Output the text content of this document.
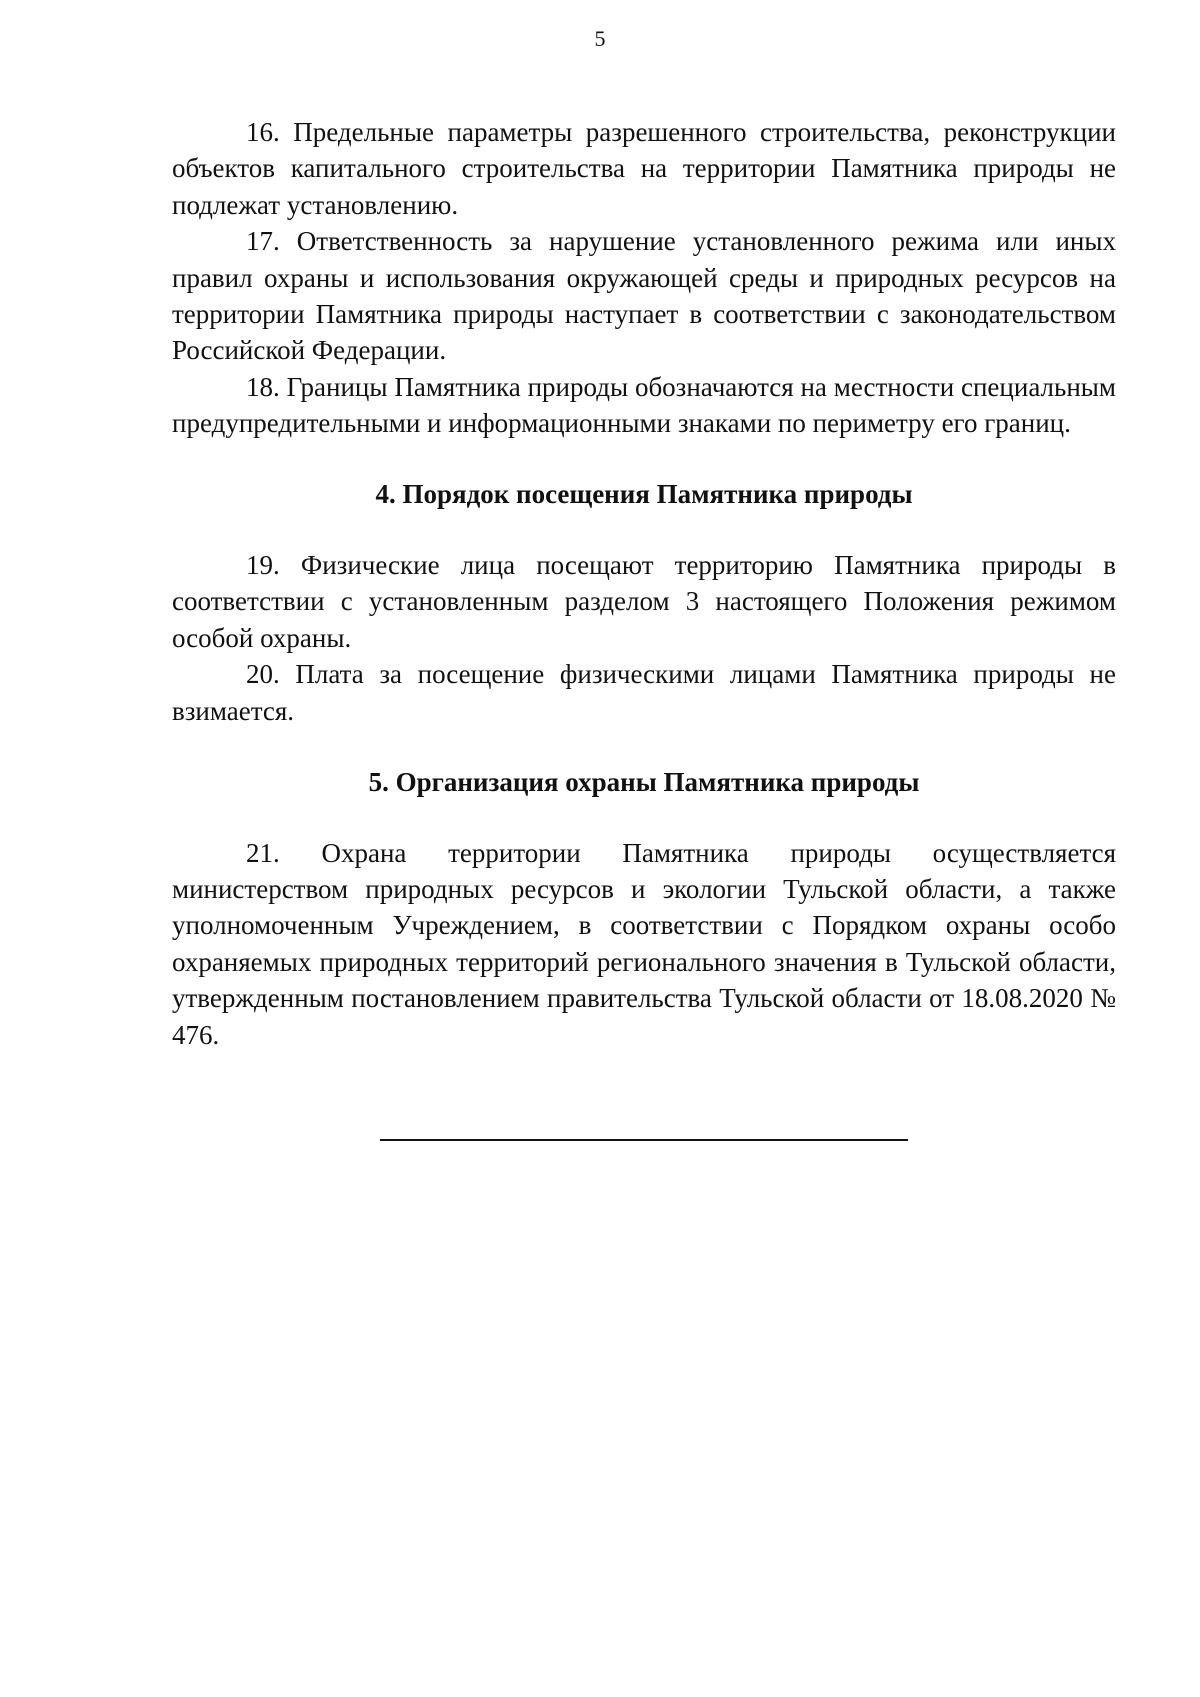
5

16. Предельные параметры разрешенного строительства, реконструкции объектов капитального строительства на территории Памятника природы не подлежат установлению.

17. Ответственность за нарушение установленного режима или иных правил охраны и использования окружающей среды и природных ресурсов на территории Памятника природы наступает в соответствии с законодательством Российской Федерации.

18. Границы Памятника природы обозначаются на местности специальным предупредительными и информационными знаками по периметру его границ.

4. Порядок посещения Памятника природы

19. Физические лица посещают территорию Памятника природы в соответствии с установленным разделом 3 настоящего Положения режимом особой охраны.

20. Плата за посещение физическими лицами Памятника природы не взимается.

5. Организация охраны Памятника природы

21. Охрана территории Памятника природы осуществляется министерством природных ресурсов и экологии Тульской области, а также уполномоченным Учреждением, в соответствии с Порядком охраны особо охраняемых природных территорий регионального значения в Тульской области, утвержденным постановлением правительства Тульской области от 18.08.2020 № 476.
